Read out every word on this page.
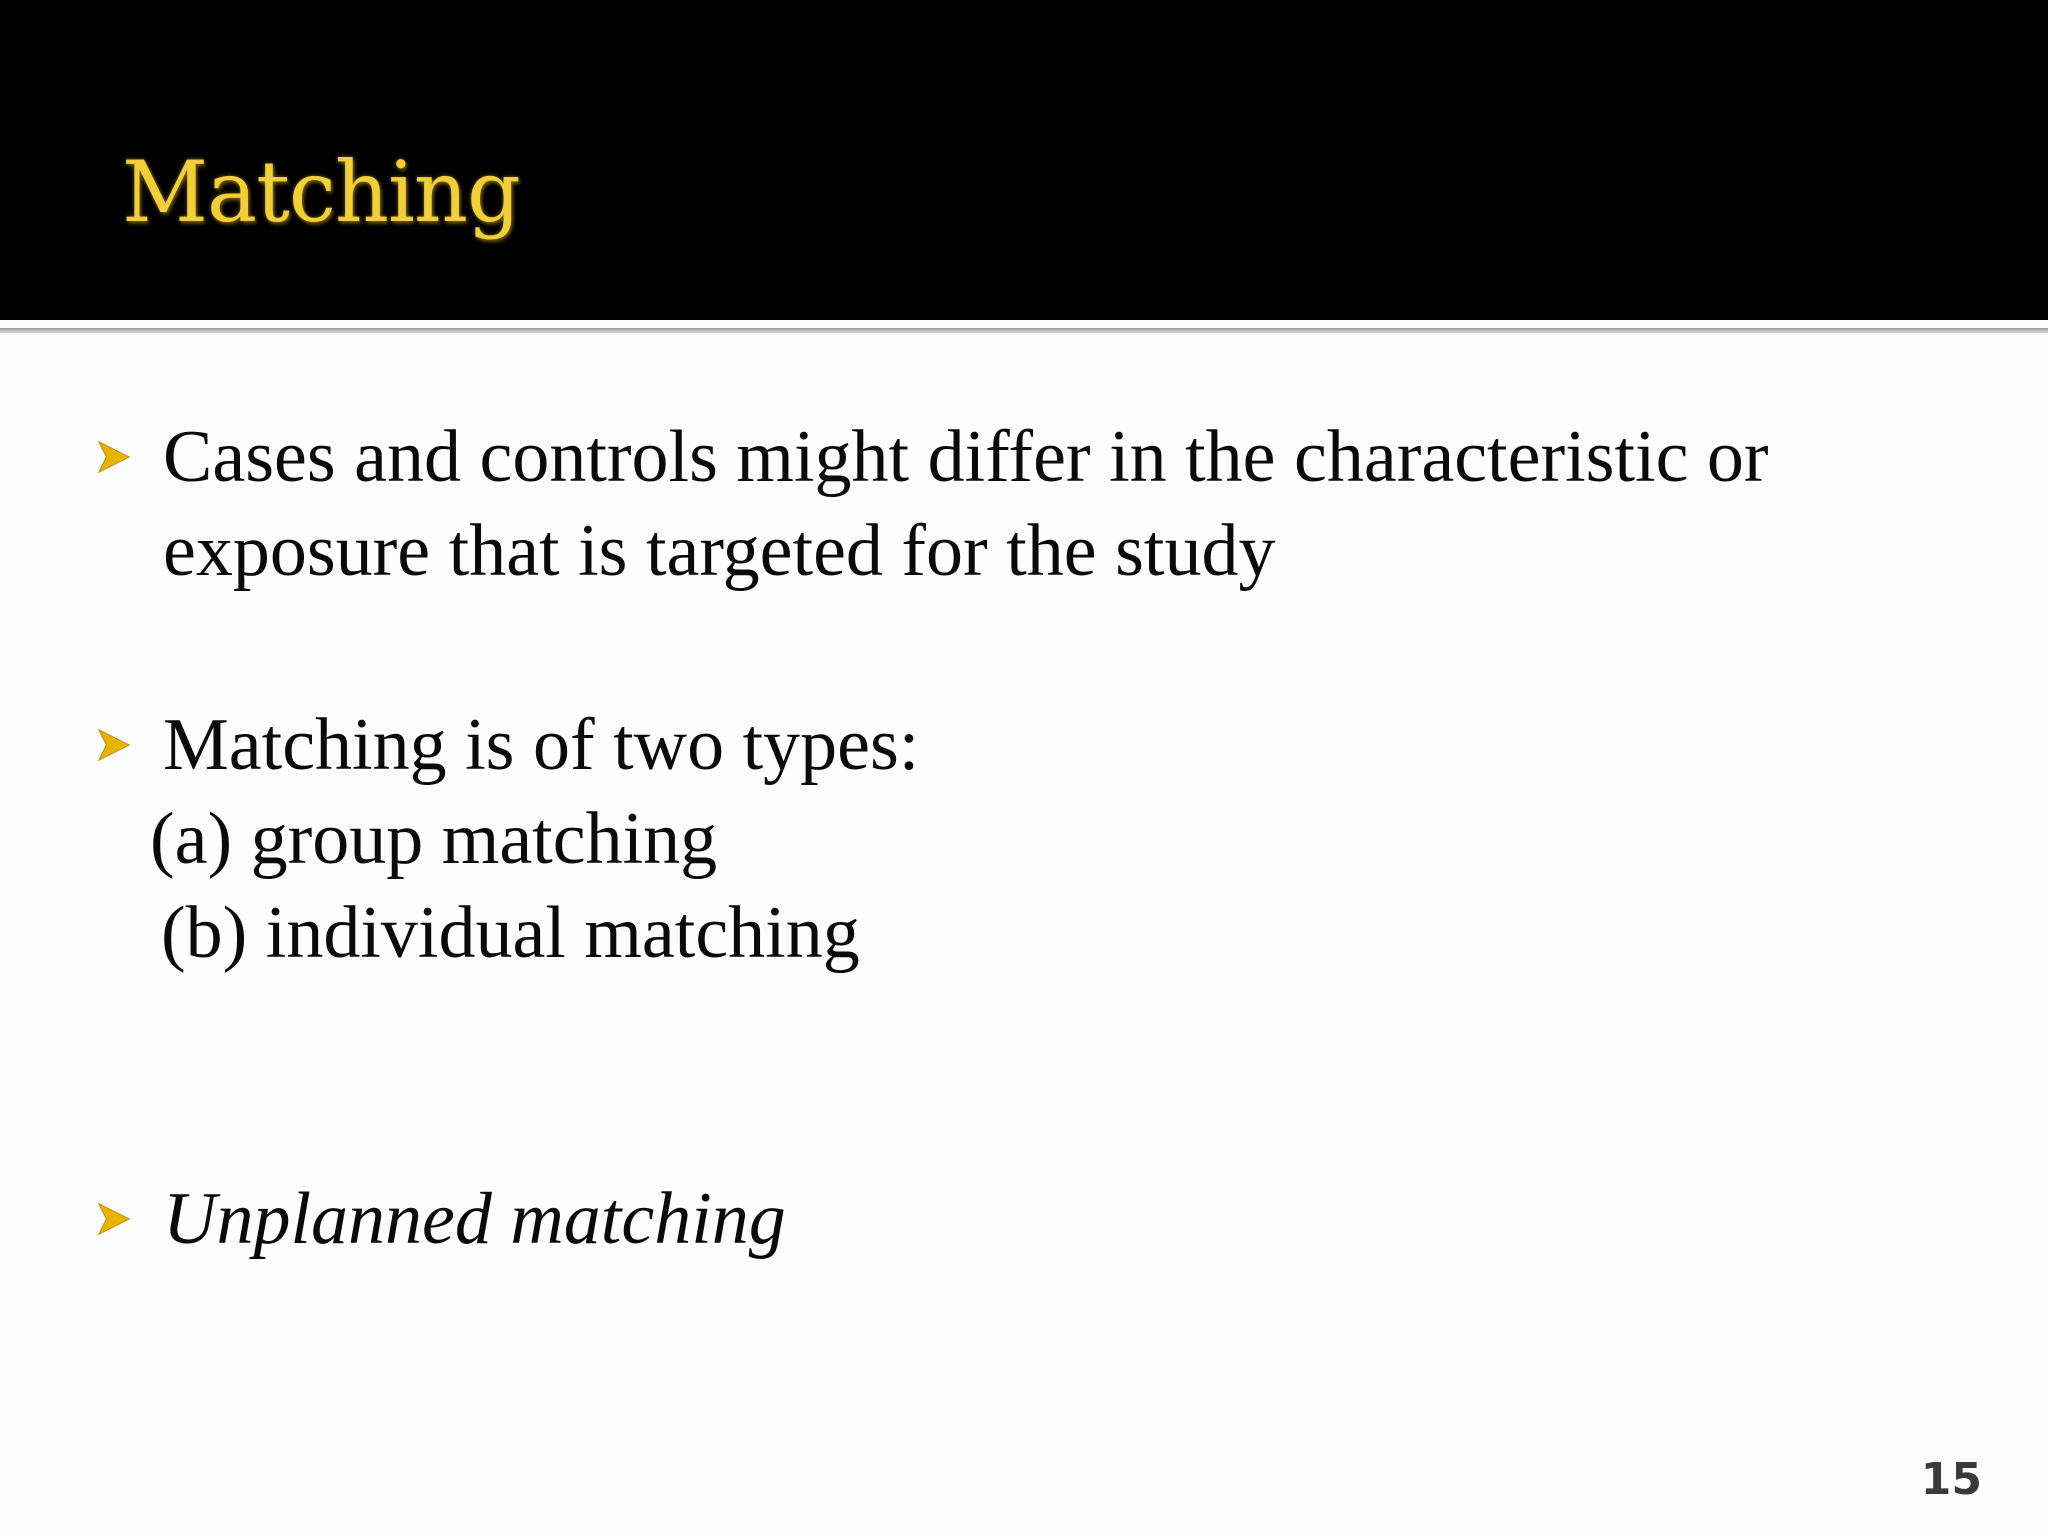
Matching

Cases and controls might differ in the characteristic or

exposure that is targeted for the study

Matching is of two types:

(a) group matching

(b) individual matching

Unplanned matching

15
